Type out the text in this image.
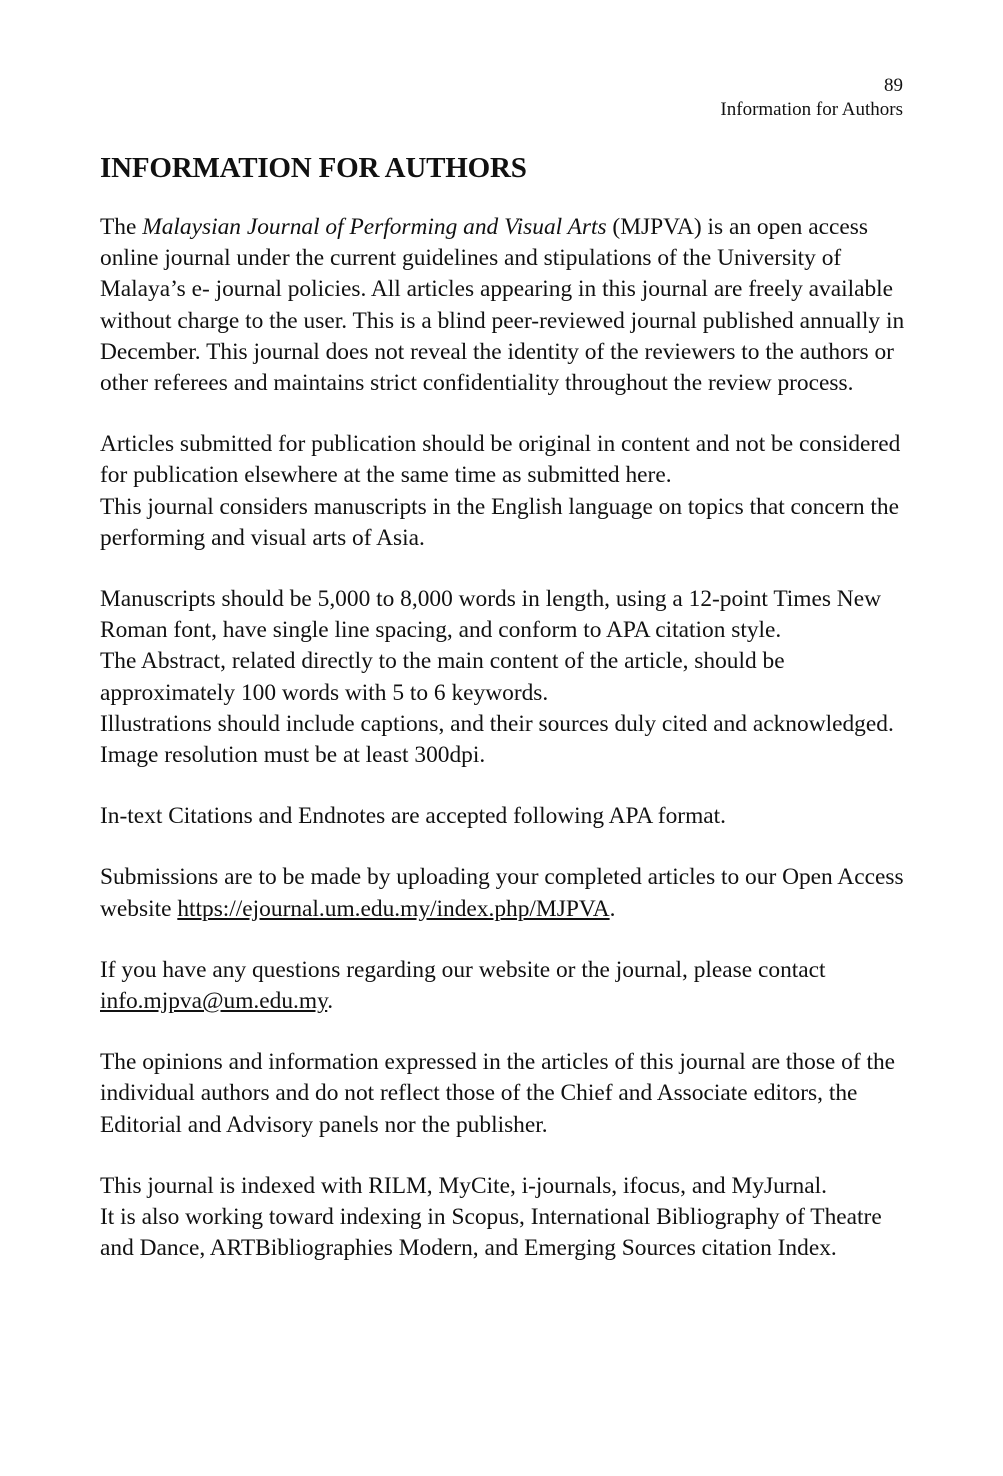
89
Information for Authors
INFORMATION FOR AUTHORS

The Malaysian Journal of Performing and Visual Arts (MJPVA) is an open access online journal under the current guidelines and stipulations of the University of Malaya’s e- journal policies. All articles appearing in this journal are freely available without charge to the user. This is a blind peer-reviewed journal published annually in December. This journal does not reveal the identity of the reviewers to the authors or other referees and maintains strict confidentiality throughout the review process.

Articles submitted for publication should be original in content and not be considered for publication elsewhere at the same time as submitted here.
This journal considers manuscripts in the English language on topics that concern the performing and visual arts of Asia.

Manuscripts should be 5,000 to 8,000 words in length, using a 12-point Times New Roman font, have single line spacing, and conform to APA citation style.
The Abstract, related directly to the main content of the article, should be approximately 100 words with 5 to 6 keywords.
Illustrations should include captions, and their sources duly cited and acknowledged. Image resolution must be at least 300dpi.

In-text Citations and Endnotes are accepted following APA format.

Submissions are to be made by uploading your completed articles to our Open Access website https://ejournal.um.edu.my/index.php/MJPVA.

If you have any questions regarding our website or the journal, please contact info.mjpva@um.edu.my.

The opinions and information expressed in the articles of this journal are those of the individual authors and do not reflect those of the Chief and Associate editors, the Editorial and Advisory panels nor the publisher.

This journal is indexed with RILM, MyCite, i-journals, ifocus, and MyJurnal.
It is also working toward indexing in Scopus, International Bibliography of Theatre and Dance, ARTBibliographies Modern, and Emerging Sources citation Index.
